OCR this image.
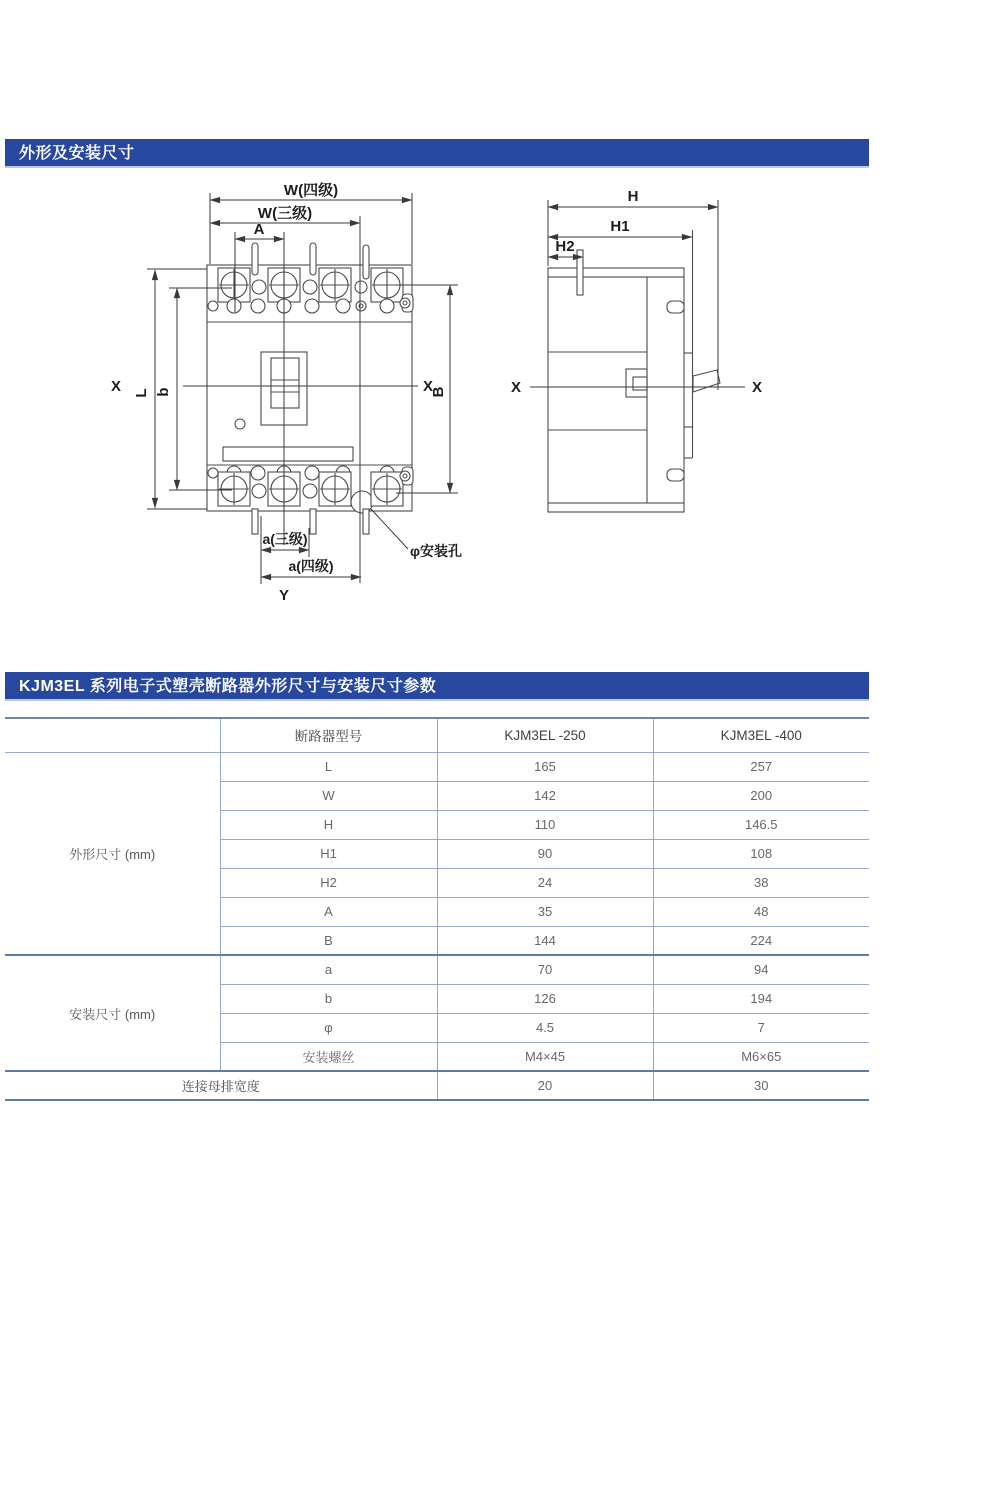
外形及安装尺寸
W(四级)
W(三级)
A
X	X
L b	B
a(三级)
a(四级)
Y
φ安装孔
H
H1
H2
X	X
KJM3EL 系列电子式塑壳断路器外形尺寸与安装尺寸参数
	断路器型号	KJM3EL -250	KJM3EL -400
外形尺寸 (mm)	L	165	257
	W	142	200
	H	110	146.5
	H1	90	108
	H2	24	38
	A	35	48
	B	144	224
安装尺寸 (mm)	a	70	94
	b	126	194
	φ	4.5	7
	安装螺丝	M4×45	M6×65
连接母排宽度		20	30
